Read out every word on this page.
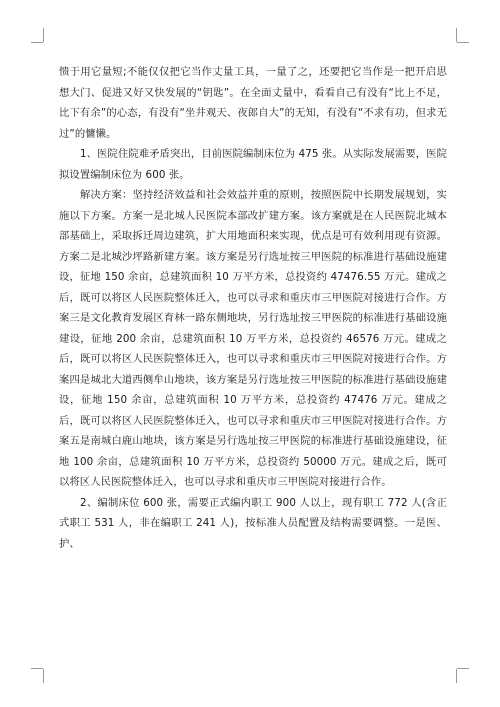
愦于用它量短;不能仅仅把它当作丈量工具，一量了之，还要把它当作是一把开启思想大门、促进又好又快发展的“钥匙”。在全面丈量中，看看自己有没有“比上不足，比下有余”的心态，有没有“坐井观天、夜郎自大”的无知，有没有“不求有功，但求无过”的慵懒。

1、医院住院难矛盾突出，目前医院编制床位为 475 张。从实际发展需要，医院拟设置编制床位为 600 张。

解决方案：坚持经济效益和社会效益并重的原则，按照医院中长期发展规划，实施以下方案。方案一是北城人民医院本部改扩建方案。该方案就是在人民医院北城本部基础上，采取拆迁周边建筑，扩大用地面积来实现，优点是可有效利用现有资源。方案二是北城沙坪路新建方案。该方案是另行选址按三甲医院的标准进行基础设施建设，征地 150 余亩，总建筑面积 10 万平方米，总投资约 47476.55 万元。建成之后，既可以将区人民医院整体迁入，也可以寻求和重庆市三甲医院对接进行合作。方案三是文化教育发展区育林一路东侧地块，另行选址按三甲医院的标准进行基础设施建设，征地 200 余亩，总建筑面积 10 万平方米，总投资约 46576 万元。建成之后，既可以将区人民医院整体迁入，也可以寻求和重庆市三甲医院对接进行合作。方案四是城北大道西侧牟山地块，该方案是另行选址按三甲医院的标准进行基础设施建设，征地 150 余亩，总建筑面积 10 万平方米，总投资约 47476 万元。建成之后，既可以将区人民医院整体迁入，也可以寻求和重庆市三甲医院对接进行合作。方案五是南城白鹿山地块，该方案是另行选址按三甲医院的标准进行基础设施建设，征地 100 余亩，总建筑面积 10 万平方米，总投资约 50000 万元。建成之后，既可以将区人民医院整体迁入，也可以寻求和重庆市三甲医院对接进行合作。

2、编制床位 600 张，需要正式编内职工 900 人以上，现有职工 772 人(含正式职工 531 人，非在编职工 241 人)，按标准人员配置及结构需要调整。一是医、护、
